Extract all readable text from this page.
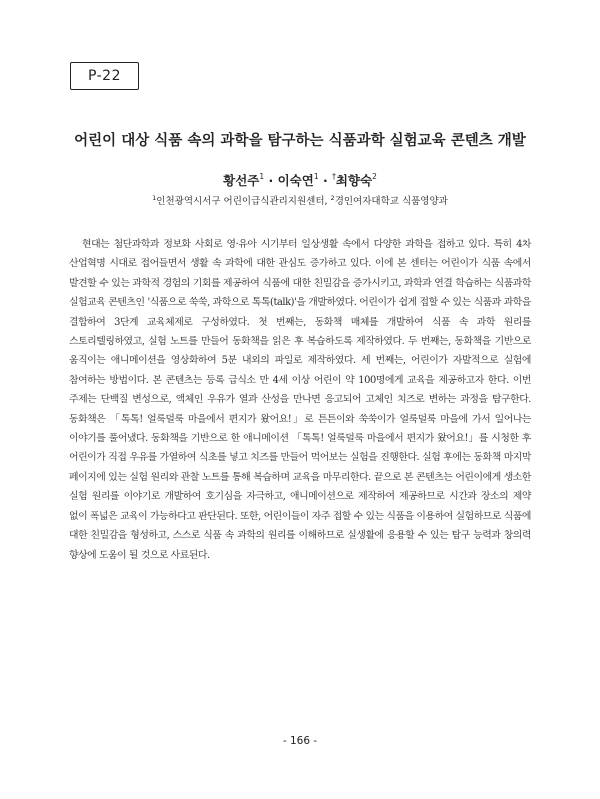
P-22
어린이 대상 식품 속의 과학을 탐구하는 식품과학 실험교육 콘텐츠 개발

황선주$^1$ · 이숙연$^1$ · †최향숙$^2$

$^1$인천광역시서구 어린이급식관리지원센터, $^2$경인여자대학교 식품영양과

현대는 첨단과학과 정보화 사회로 영·유아 시기부터 일상생활 속에서 다양한 과학을 접하고 있다. 특히 4차 산업혁명 시대로 접어들면서 생활 속 과학에 대한 관심도 증가하고 있다. 이에 본 센터는 어린이가 식품 속에서 발견할 수 있는 과학적 경험의 기회를 제공하여 식품에 대한 친밀감을 증가시키고, 과학과 연결 학습하는 식품과학 실험교육 콘텐츠인 '식품으로 쑥쑥, 과학으로 톡톡(talk)'을 개발하였다. 어린이가 쉽게 접할 수 있는 식품과 과학을 결합하여 3단계 교육체제로 구성하였다. 첫 번째는, 동화책 매체를 개발하여 식품 속 과학 원리를 스토리텔링하였고, 실험 노트를 만들어 동화책을 읽은 후 복습하도록 제작하였다. 두 번째는, 동화책을 기반으로 움직이는 애니메이션을 영상화하여 5분 내외의 파일로 제작하였다. 세 번째는, 어린이가 자발적으로 실험에 참여하는 방법이다. 본 콘텐츠는 등록 급식소 만 4세 이상 어린이 약 100명에게 교육을 제공하고자 한다. 이번 주제는 단백질 변성으로, 액체인 우유가 열과 산성을 만나면 응고되어 고체인 치즈로 변하는 과정을 탐구한다. 동화책은 「톡톡! 얼룩덜룩 마을에서 편지가 왔어요!」로 튼튼이와 쑥쑥이가 얼룩덜룩 마을에 가서 일어나는 이야기를 풀어냈다. 동화책을 기반으로 한 애니메이션 「톡톡! 얼룩덜룩 마을에서 편지가 왔어요!」를 시청한 후 어린이가 직접 우유를 가열하여 식초를 넣고 치즈를 만들어 먹어보는 실험을 진행한다. 실험 후에는 동화책 마지막 페이지에 있는 실험 원리와 관찰 노트를 통해 복습하며 교육을 마무리한다. 끝으로 본 콘텐츠는 어린이에게 생소한 실험 원리를 이야기로 개발하여 호기심을 자극하고, 애니메이션으로 제작하여 제공하므로 시간과 장소의 제약 없이 폭넓은 교육이 가능하다고 판단된다. 또한, 어린이들이 자주 접할 수 있는 식품을 이용하여 실험하므로 식품에 대한 친밀감을 형성하고, 스스로 식품 속 과학의 원리를 이해하므로 실생활에 응용할 수 있는 탐구 능력과 창의력 향상에 도움이 될 것으로 사료된다.

- 166 -
